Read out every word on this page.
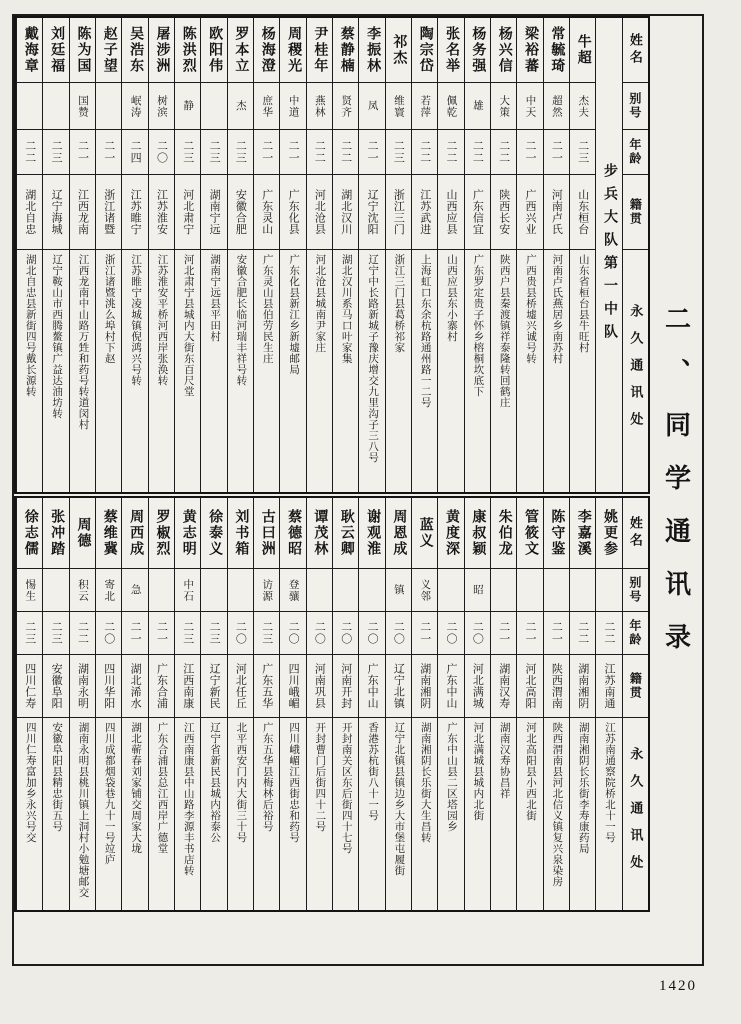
姓名
别号
年龄
籍贯
永久通讯处
步兵大队第一中队
牛超
杰夫
二三
山东桓台
山东省桓台县牛旺村
常毓琦
超然
二一
河南卢氏
河南卢氏燕居乡南苏村
梁裕蕃
中天
二一
广西兴业
广西贵县桥墟兴诚号转
杨兴信
大策
二二
陕西长安
陕西户县秦渡镇祥泰隆转回鹤庄
杨务强
雄
二二
广东信宜
广东罗定贵子怀乡榕桐坎底下
张名举
佩乾
二二
山西应县
山西应县东小寨村
陶宗岱
若萍
二二
江苏武进
上海虹口东余杭路通州路一二号
祁杰
维寰
二三
浙江三门
浙江三门县葛桥祁家
李振林
凤
二一
辽宁沈阳
辽宁中长路新城子豫庆增交九里沟子三八号
蔡静楠
贤齐
二二
湖北汉川
湖北汉川系马口叶家集
尹桂年
燕林
二二
河北沧县
河北沧县城南尹家庄
周稷光
中道
二一
广东化县
广东化县新江乡新墟邮局
杨海澄
庶华
二一
广东灵山
广东灵山县伯劳民生庄
罗本立
杰
二三
安徽合肥
安徽合肥长临河瑞丰祥号转
欧阳伟
二三
湖南宁远
湖南宁远县平田村
陈洪烈
静
二三
河北肃宁
河北肃宁县城内大街东百尺堂
屠涉洲
树滨
二〇
江苏淮安
江苏淮安平桥河西岸张涣转
吴浩东
岷涛
二四
江苏睢宁
江苏睢宁凌城镇倪鸿兴号转
赵子望
二一
浙江诸暨
浙江诸暨洮么埠村下赵
陈为国
国赞
二一
江西龙南
江西龙南中山路万甡和药号转道闵村
刘廷福
二三
辽宁海城
辽宁鞍山市西腾鳌镇广益达油坊转
戴海章
二二
湖北自忠
湖北自忠县新街四号戴长源转
姓名
别号
年龄
籍贯
永久通讯处
姚更参
二二
江苏南通
江苏南通察院桥北十一号
李嘉溪
二二
湖南湘阴
湖南湘阴长乐街李寿康药局
陈守鉴
二一
陕西渭南
陕西渭南县河北信义镇复兴泉染房
管筱文
二一
河北高阳
河北高阳县小西北街
朱伯龙
二一
湖南汉寿
湖南汉寿协昌祥
康叔颖
昭
二〇
河北满城
河北满城县城内北街
黄度深
二〇
广东中山
广东中山县二区塔园乡
蓝义
义邻
二一
湖南湘阴
湖南湘阴长乐街大生昌转
周恩成
镇
二〇
辽宁北镇
辽宁北镇县镇边乡大市堡屯履街
谢观淮
二〇
广东中山
香港苏杭街八十一号
耿云卿
二〇
河南开封
开封南关区东后街四十七号
谭茂林
二〇
河南巩县
开封曹门后街四十二号
蔡德昭
登骧
二〇
四川峨嵋
四川峨嵋江西街忠和药号
古曰洲
访源
二三
广东五华
广东五华县梅林后裕号
刘书箱
二〇
河北任丘
北平西安门内大街三十号
徐泰义
二三
辽宁新民
辽宁省新民县城内裕泰公
黄志明
中石
二三
江西南康
江西南康县中山路李源丰书店转
罗椒烈
二一
广东合浦
广东合浦县总江西岸广德堂
周西成
急
二一
湖北浠水
湖北蕲春刘家铺交周家大垅
蔡维冀
寄北
二〇
四川华阳
四川成都烟袋巷九十一号竝庐
周德
积云
二二
湖南永明
湖南永明县桃川镇上洞村小勉塘邮交
张冲踏
二三
安徽阜阳
安徽阜阳县精忠街五号
徐志儒
惕生
二三
四川仁寿
四川仁寿富加乡永兴号交
二、同学通讯录
1420
